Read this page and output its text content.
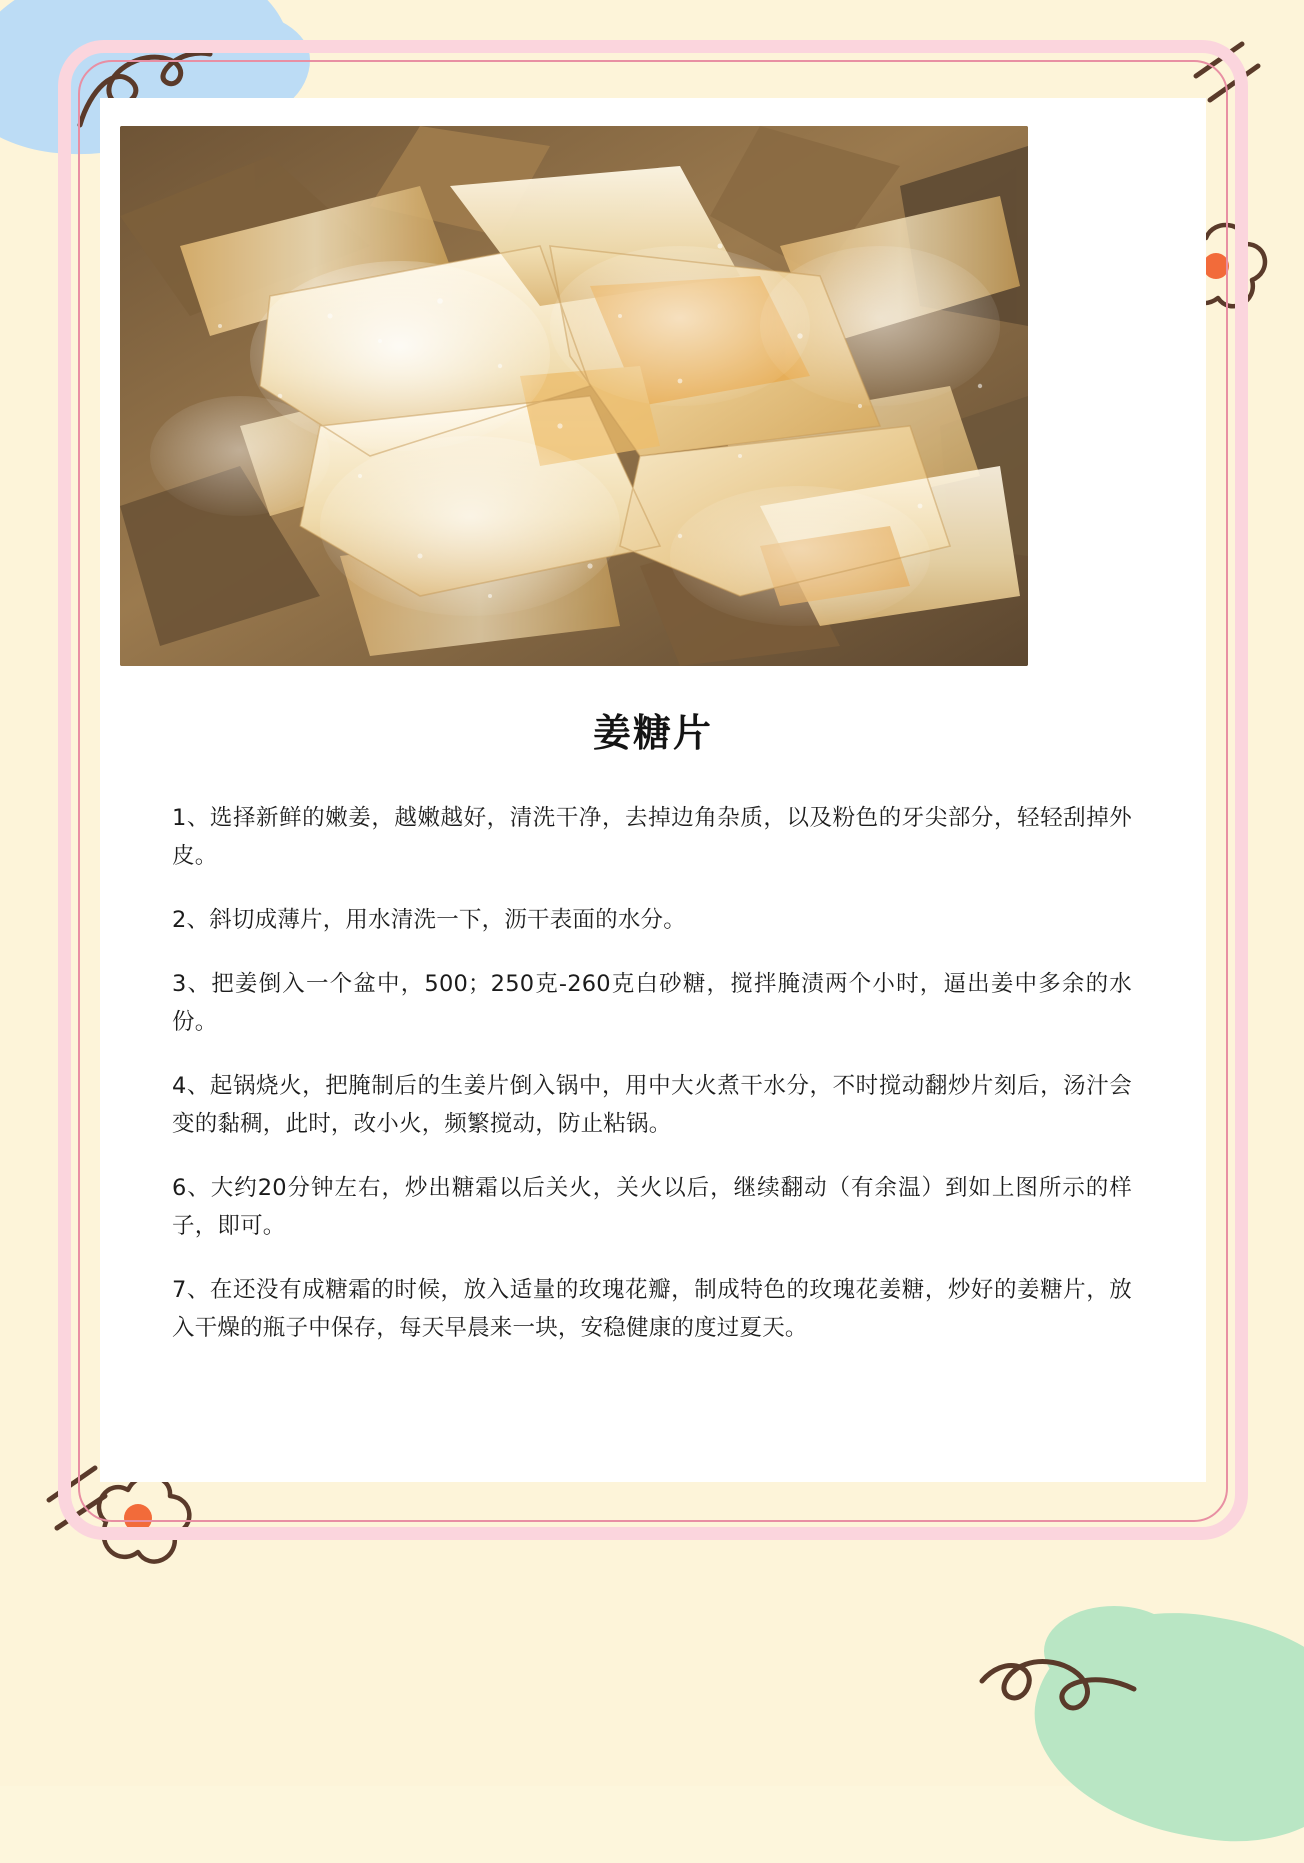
姜糖片

1、选择新鲜的嫩姜，越嫩越好，清洗干净，去掉边角杂质，以及粉色的牙尖部分，轻轻刮掉外皮。

2、斜切成薄片，用水清洗一下，沥干表面的水分。

3、把姜倒入一个盆中，500；250克-260克白砂糖，搅拌腌渍两个小时，逼出姜中多余的水份。

4、起锅烧火，把腌制后的生姜片倒入锅中，用中大火煮干水分，不时搅动翻炒片刻后，汤汁会变的黏稠，此时，改小火，频繁搅动，防止粘锅。

6、大约20分钟左右，炒出糖霜以后关火，关火以后，继续翻动（有余温）到如上图所示的样子，即可。

7、在还没有成糖霜的时候，放入适量的玫瑰花瓣，制成特色的玫瑰花姜糖，炒好的姜糖片，放入干燥的瓶子中保存，每天早晨来一块，安稳健康的度过夏天。
